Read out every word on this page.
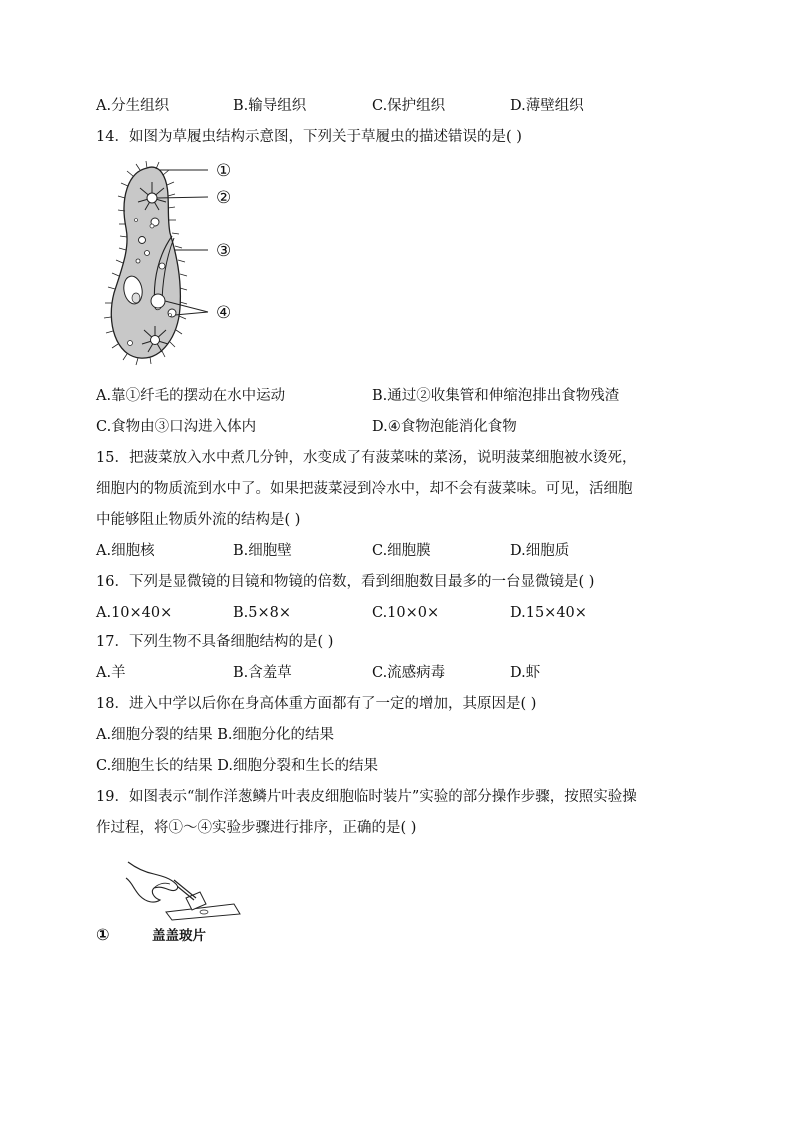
A.分生组织	B.输导组织	C.保护组织	D.薄壁组织
14．如图为草履虫结构示意图，下列关于草履虫的描述错误的是( )
①
②
③
④
A.靠①纤毛的摆动在水中运动	B.通过②收集管和伸缩泡排出食物残渣
C.食物由③口沟进入体内	D.④食物泡能消化食物
15．把菠菜放入水中煮几分钟，水变成了有菠菜味的菜汤，说明菠菜细胞被水烫死，
细胞内的物质流到水中了。如果把菠菜浸到冷水中，却不会有菠菜味。可见，活细胞
中能够阻止物质外流的结构是( )
A.细胞核	B.细胞壁	C.细胞膜	D.细胞质
16．下列是显微镜的目镜和物镜的倍数，看到细胞数目最多的一台显微镜是( )
A.10×40×	B.5×8×	C.10×0×	D.15×40×
17．下列生物不具备细胞结构的是( )
A.羊	B.含羞草	C.流感病毒	D.虾
18．进入中学以后你在身高体重方面都有了一定的增加，其原因是( )
A.细胞分裂的结果 B.细胞分化的结果
C.细胞生长的结果 D.细胞分裂和生长的结果
19．如图表示“制作洋葱鳞片叶表皮细胞临时装片”实验的部分操作步骤，按照实验操
作过程，将①～④实验步骤进行排序，正确的是( )
①	盖盖玻片
